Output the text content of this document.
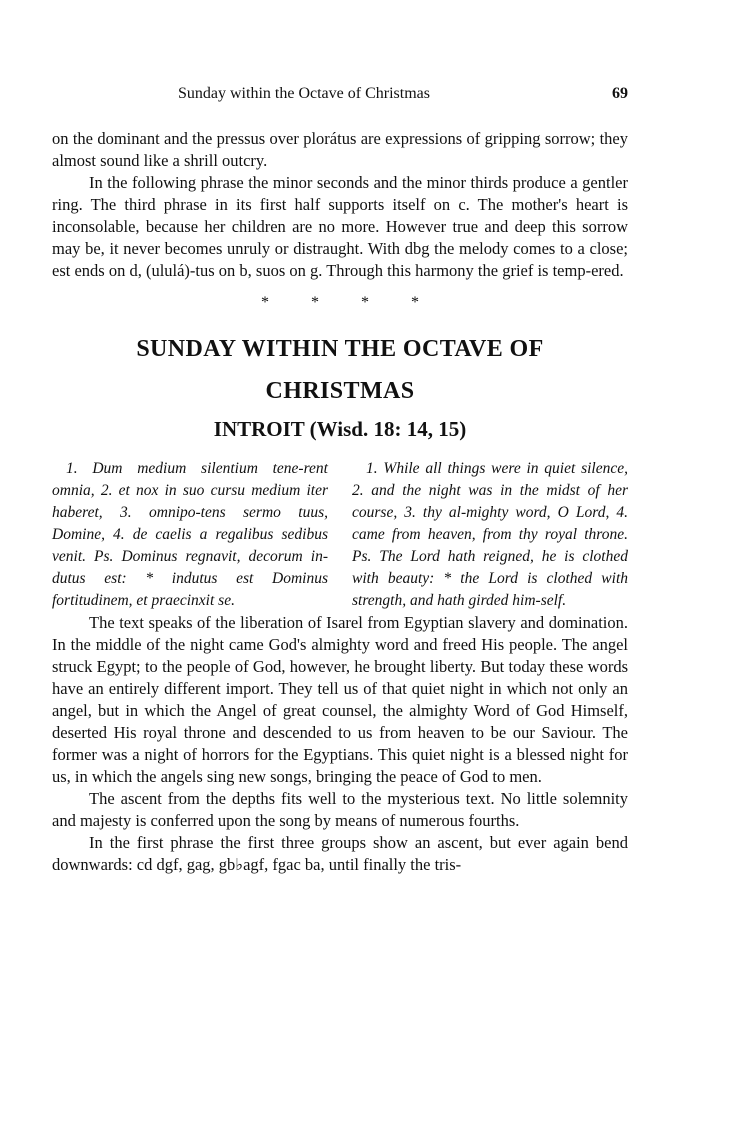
Sunday within the Octave of Christmas	69

on the dominant and the pressus over plorátus are expressions of gripping sorrow; they almost sound like a shrill outcry.

In the following phrase the minor seconds and the minor thirds produce a gentler ring. The third phrase in its first half supports itself on c. The mother's heart is inconsolable, because her children are no more. However true and deep this sorrow may be, it never becomes unruly or distraught. With dbg the melody comes to a close; est ends on d, (ululá)-tus on b, suos on g. Through this harmony the grief is temp-ered.

*	*	*	*
SUNDAY WITHIN THE OCTAVE OF
CHRISTMAS
INTROIT (Wisd. 18: 14, 15)

1. Dum medium silentium tene-rent omnia, 2. et nox in suo cursu medium iter haberet, 3. omnipo-tens sermo tuus, Domine, 4. de caelis a regalibus sedibus venit. Ps. Dominus regnavit, decorum in-dutus est: * indutus est Dominus fortitudinem, et praecinxit se.

1. While all things were in quiet silence, 2. and the night was in the midst of her course, 3. thy al-mighty word, O Lord, 4. came from heaven, from thy royal throne. Ps. The Lord hath reigned, he is clothed with beauty: * the Lord is clothed with strength, and hath girded him-self.

The text speaks of the liberation of Isarel from Egyptian slavery and domination. In the middle of the night came God's almighty word and freed His people. The angel struck Egypt; to the people of God, however, he brought liberty. But today these words have an entirely different import. They tell us of that quiet night in which not only an angel, but in which the Angel of great counsel, the almighty Word of God Himself, deserted His royal throne and descended to us from heaven to be our Saviour. The former was a night of horrors for the Egyptians. This quiet night is a blessed night for us, in which the angels sing new songs, bringing the peace of God to men.

The ascent from the depths fits well to the mysterious text. No little solemnity and majesty is conferred upon the song by means of numerous fourths.

In the first phrase the first three groups show an ascent, but ever again bend downwards: cd dgf, gag, gb♭agf, fgac ba, until finally the tris-
